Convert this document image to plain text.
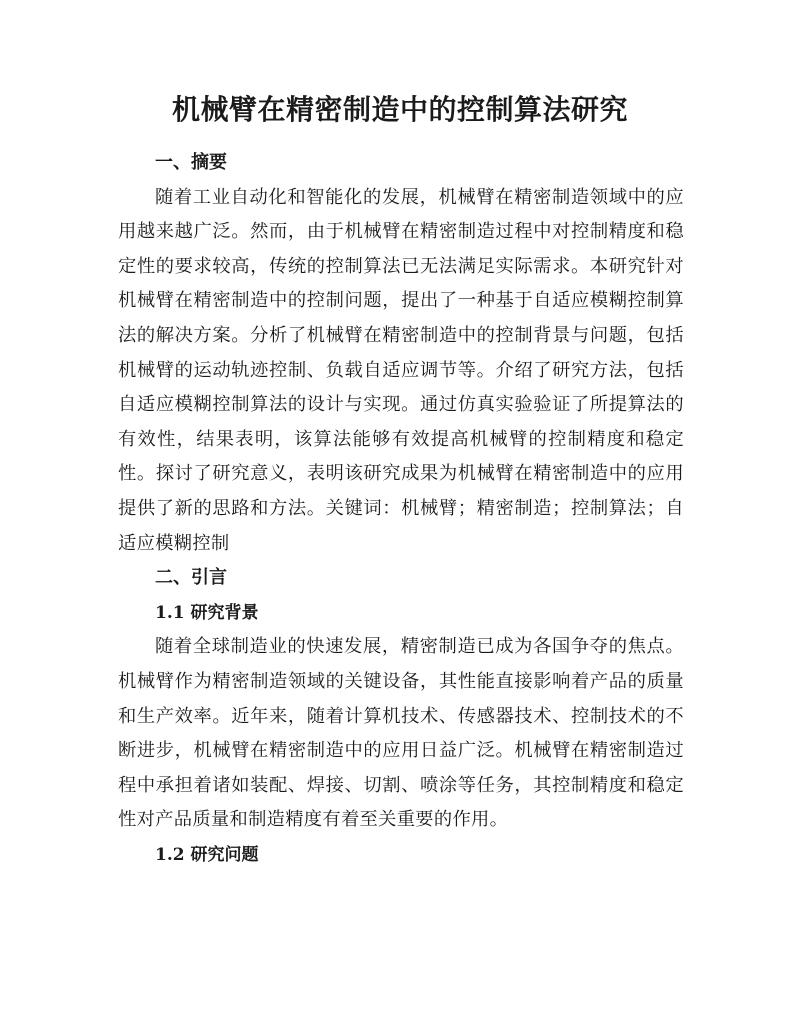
机械臂在精密制造中的控制算法研究
一、摘要

随着工业自动化和智能化的发展，机械臂在精密制造领域中的应用越来越广泛。然而，由于机械臂在精密制造过程中对控制精度和稳定性的要求较高，传统的控制算法已无法满足实际需求。本研究针对机械臂在精密制造中的控制问题，提出了一种基于自适应模糊控制算法的解决方案。分析了机械臂在精密制造中的控制背景与问题，包括机械臂的运动轨迹控制、负载自适应调节等。介绍了研究方法，包括自适应模糊控制算法的设计与实现。通过仿真实验验证了所提算法的有效性，结果表明，该算法能够有效提高机械臂的控制精度和稳定性。探讨了研究意义，表明该研究成果为机械臂在精密制造中的应用提供了新的思路和方法。关键词：机械臂；精密制造；控制算法；自适应模糊控制

二、引言
1.1 研究背景

随着全球制造业的快速发展，精密制造已成为各国争夺的焦点。机械臂作为精密制造领域的关键设备，其性能直接影响着产品的质量和生产效率。近年来，随着计算机技术、传感器技术、控制技术的不断进步，机械臂在精密制造中的应用日益广泛。机械臂在精密制造过程中承担着诸如装配、焊接、切割、喷涂等任务，其控制精度和稳定性对产品质量和制造精度有着至关重要的作用。

1.2 研究问题
